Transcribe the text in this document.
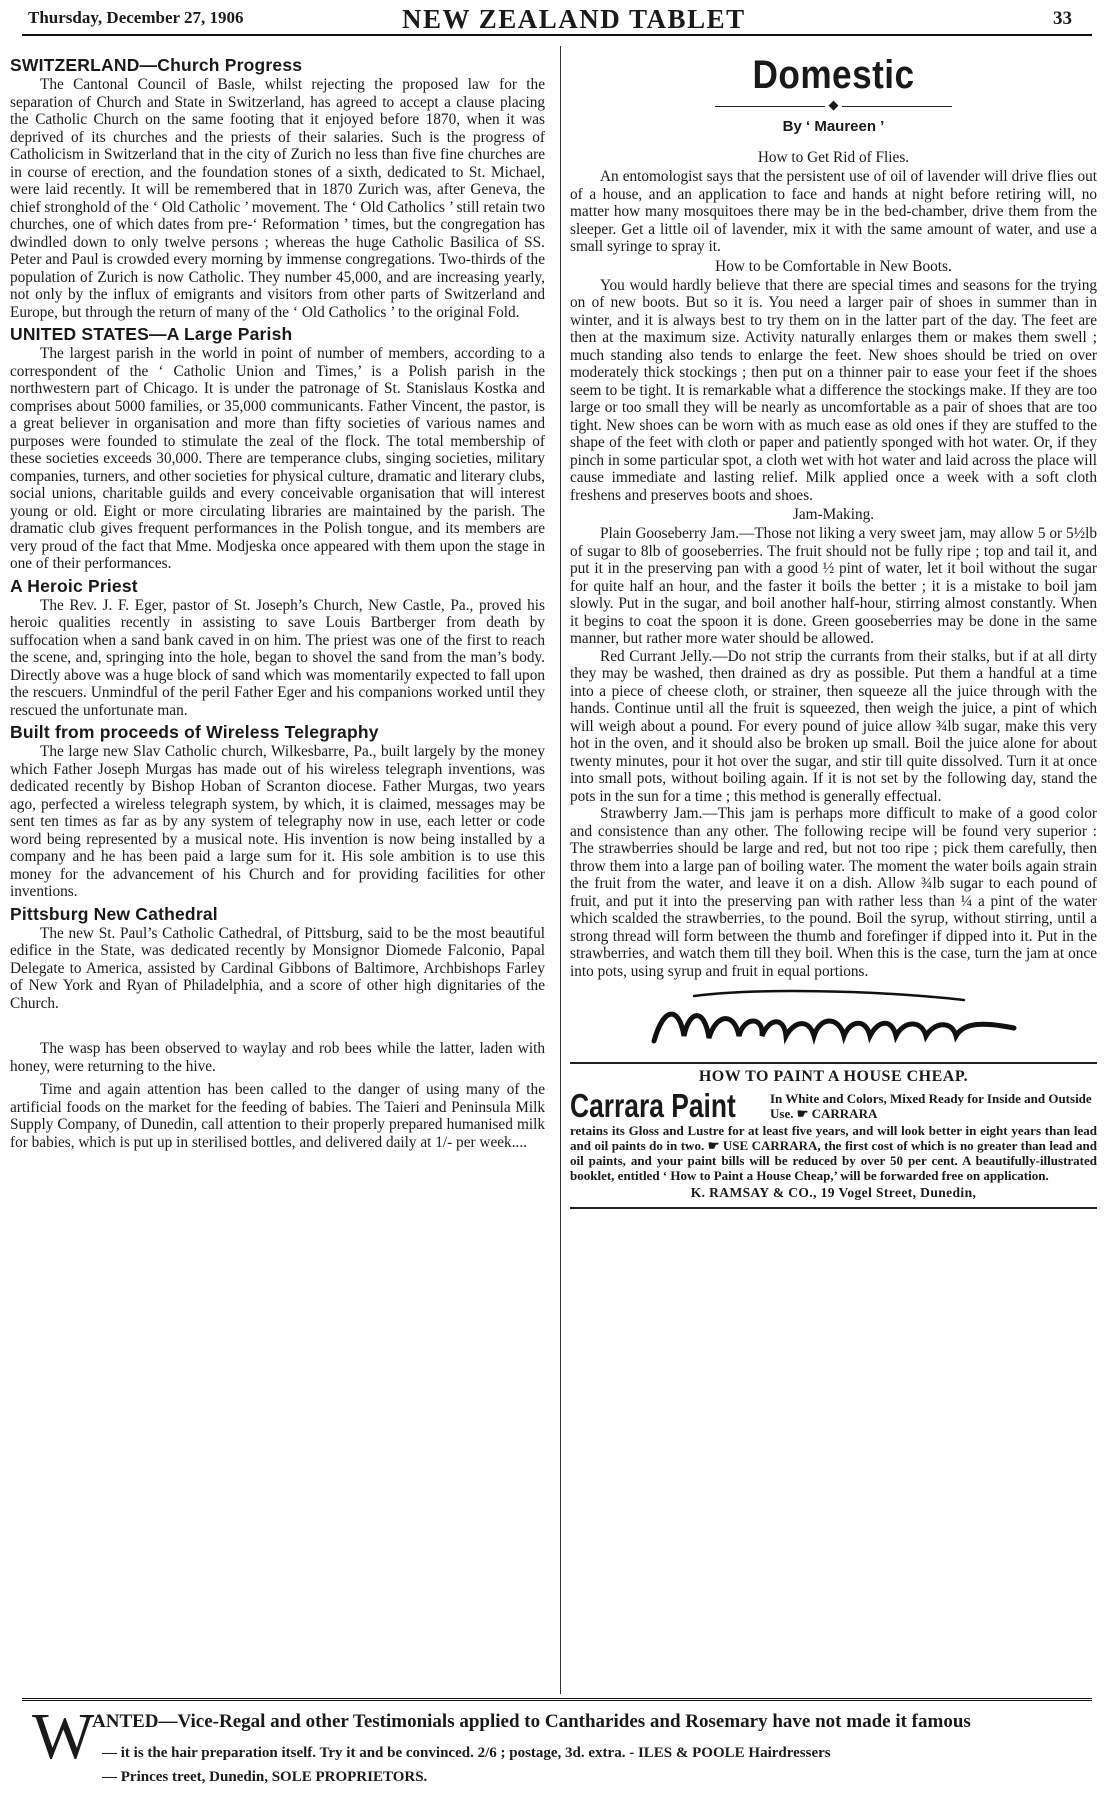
Thursday, December 27, 1906	NEW ZEALAND TABLET	33
SWITZERLAND—Church Progress

The Cantonal Council of Basle, whilst rejecting the proposed law for the separation of Church and State in Switzerland, has agreed to accept a clause placing the Catholic Church on the same footing that it enjoyed before 1870, when it was deprived of its churches and the priests of their salaries. Such is the progress of Catholicism in Switzerland that in the city of Zurich no less than five fine churches are in course of erection, and the foundation stones of a sixth, dedicated to St. Michael, were laid recently. It will be remembered that in 1870 Zurich was, after Geneva, the chief stronghold of the ‘ Old Catholic ’ movement. The ‘ Old Catholics ’ still retain two churches, one of which dates from pre-‘ Reformation ’ times, but the congregation has dwindled down to only twelve persons ; whereas the huge Catholic Basilica of SS. Peter and Paul is crowded every morning by immense congregations. Two-thirds of the population of Zurich is now Catholic. They number 45,000, and are increasing yearly, not only by the influx of emigrants and visitors from other parts of Switzerland and Europe, but through the return of many of the ‘ Old Catholics ’ to the original Fold.

UNITED STATES—A Large Parish

The largest parish in the world in point of number of members, according to a correspondent of the ‘ Catholic Union and Times,’ is a Polish parish in the northwestern part of Chicago. It is under the patronage of St. Stanislaus Kostka and comprises about 5000 families, or 35,000 communicants. Father Vincent, the pastor, is a great believer in organisation and more than fifty societies of various names and purposes were founded to stimulate the zeal of the flock. The total membership of these societies exceeds 30,000. There are temperance clubs, singing societies, military companies, turners, and other societies for physical culture, dramatic and literary clubs, social unions, charitable guilds and every conceivable organisation that will interest young or old. Eight or more circulating libraries are maintained by the parish. The dramatic club gives frequent performances in the Polish tongue, and its members are very proud of the fact that Mme. Modjeska once appeared with them upon the stage in one of their performances.

A Heroic Priest

The Rev. J. F. Eger, pastor of St. Joseph’s Church, New Castle, Pa., proved his heroic qualities recently in assisting to save Louis Bartberger from death by suffocation when a sand bank caved in on him. The priest was one of the first to reach the scene, and, springing into the hole, began to shovel the sand from the man’s body. Directly above was a huge block of sand which was momentarily expected to fall upon the rescuers. Unmindful of the peril Father Eger and his companions worked until they rescued the unfortunate man.

Built from proceeds of Wireless Telegraphy

The large new Slav Catholic church, Wilkesbarre, Pa., built largely by the money which Father Joseph Murgas has made out of his wireless telegraph inventions, was dedicated recently by Bishop Hoban of Scranton diocese. Father Murgas, two years ago, perfected a wireless telegraph system, by which, it is claimed, messages may be sent ten times as far as by any system of telegraphy now in use, each letter or code word being represented by a musical note. His invention is now being installed by a company and he has been paid a large sum for it. His sole ambition is to use this money for the advancement of his Church and for providing facilities for other inventions.

Pittsburg New Cathedral

The new St. Paul’s Catholic Cathedral, of Pittsburg, said to be the most beautiful edifice in the State, was dedicated recently by Monsignor Diomede Falconio, Papal Delegate to America, assisted by Cardinal Gibbons of Baltimore, Archbishops Farley of New York and Ryan of Philadelphia, and a score of other high dignitaries of the Church.

The wasp has been observed to waylay and rob bees while the latter, laden with honey, were returning to the hive.

Time and again attention has been called to the danger of using many of the artificial foods on the market for the feeding of babies. The Taieri and Peninsula Milk Supply Company, of Dunedin, call attention to their properly prepared humanised milk for babies, which is put up in sterilised bottles, and delivered daily at 1/- per week....

Domestic
◆
By ‘ Maureen ’
How to Get Rid of Flies.

An entomologist says that the persistent use of oil of lavender will drive flies out of a house, and an application to face and hands at night before retiring will, no matter how many mosquitoes there may be in the bed-chamber, drive them from the sleeper. Get a little oil of lavender, mix it with the same amount of water, and use a small syringe to spray it.

How to be Comfortable in New Boots.

You would hardly believe that there are special times and seasons for the trying on of new boots. But so it is. You need a larger pair of shoes in summer than in winter, and it is always best to try them on in the latter part of the day. The feet are then at the maximum size. Activity naturally enlarges them or makes them swell ; much standing also tends to enlarge the feet. New shoes should be tried on over moderately thick stockings ; then put on a thinner pair to ease your feet if the shoes seem to be tight. It is remarkable what a difference the stockings make. If they are too large or too small they will be nearly as uncomfortable as a pair of shoes that are too tight. New shoes can be worn with as much ease as old ones if they are stuffed to the shape of the feet with cloth or paper and patiently sponged with hot water. Or, if they pinch in some particular spot, a cloth wet with hot water and laid across the place will cause immediate and lasting relief. Milk applied once a week with a soft cloth freshens and preserves boots and shoes.

Jam-Making.

Plain Gooseberry Jam.—Those not liking a very sweet jam, may allow 5 or 5½lb of sugar to 8lb of gooseberries. The fruit should not be fully ripe ; top and tail it, and put it in the preserving pan with a good ½ pint of water, let it boil without the sugar for quite half an hour, and the faster it boils the better ; it is a mistake to boil jam slowly. Put in the sugar, and boil another half-hour, stirring almost constantly. When it begins to coat the spoon it is done. Green gooseberries may be done in the same manner, but rather more water should be allowed.

Red Currant Jelly.—Do not strip the currants from their stalks, but if at all dirty they may be washed, then drained as dry as possible. Put them a handful at a time into a piece of cheese cloth, or strainer, then squeeze all the juice through with the hands. Continue until all the fruit is squeezed, then weigh the juice, a pint of which will weigh about a pound. For every pound of juice allow ¾lb sugar, make this very hot in the oven, and it should also be broken up small. Boil the juice alone for about twenty minutes, pour it hot over the sugar, and stir till quite dissolved. Turn it at once into small pots, without boiling again. If it is not set by the following day, stand the pots in the sun for a time ; this method is generally effectual.

Strawberry Jam.—This jam is perhaps more difficult to make of a good color and consistence than any other. The following recipe will be found very superior : The strawberries should be large and red, but not too ripe ; pick them carefully, then throw them into a large pan of boiling water. The moment the water boils again strain the fruit from the water, and leave it on a dish. Allow ¾lb sugar to each pound of fruit, and put it into the preserving pan with rather less than ¼ a pint of the water which scalded the strawberries, to the pound. Boil the syrup, without stirring, until a strong thread will form between the thumb and forefinger if dipped into it. Put in the strawberries, and watch them till they boil. When this is the case, turn the jam at once into pots, using syrup and fruit in equal portions.

HOW TO PAINT A HOUSE CHEAP.
Carrara Paint	In White and Colors, Mixed Ready for Inside and Outside Use. ☛ CARRARA
retains its Gloss and Lustre for at least five years, and will look better in eight years than lead and oil paints do in two. ☛ USE CARRARA, the first cost of which is no greater than lead and oil paints, and your paint bills will be reduced by over 50 per cent. A beautifully-illustrated booklet, entitled ‘ How to Paint a House Cheap,’ will be forwarded free on application.
K. RAMSAY & CO., 19 Vogel Street, Dunedin,
W
ANTED—Vice-Regal and other Testimonials applied to Cantharides and Rosemary have not made it famous
— it is the hair preparation itself. Try it and be convinced. 2/6 ; postage, 3d. extra. - ILES & POOLE Hairdressers
— Princes treet, Dunedin, SOLE PROPRIETORS.
